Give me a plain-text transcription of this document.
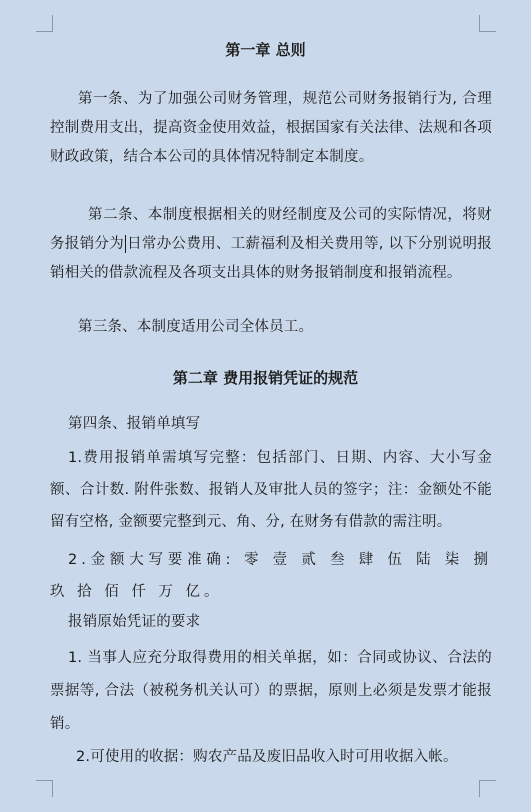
第一章 总则

第一条、为了加强公司财务管理，规范公司财务报销行为, 合理控制费用支出，提高资金使用效益，根据国家有关法律、法规和各项财政政策，结合本公司的具体情况特制定本制度。

第二条、本制度根据相关的财经制度及公司的实际情况，将财务报销分为 日常办公费用、工薪福利及相关费用等, 以下分别说明报销相关的借款流程及各项支出具体的财务报销制度和报销流程。

第三条、本制度适用公司全体员工。

第二章 费用报销凭证的规范

第四条、报销单填写

1.费用报销单需填写完整：包括部门、日期、内容、大小写金额、合计数. 附件张数、报销人及审批人员的签字；注：金额处不能留有空格, 金额要完整到元、角、分, 在财务有借款的需注明。

2.金额大写要准确: 零 壹 贰 叁 肆 伍 陆 柒 捌 玖 拾 佰 仟 万 亿。

报销原始凭证的要求

1. 当事人应充分取得费用的相关单据，如：合同或协议、合法的票据等, 合法（被税务机关认可）的票据，原则上必须是发票才能报销。

2.可使用的收据：购农产品及废旧品收入时可用收据入帐。
